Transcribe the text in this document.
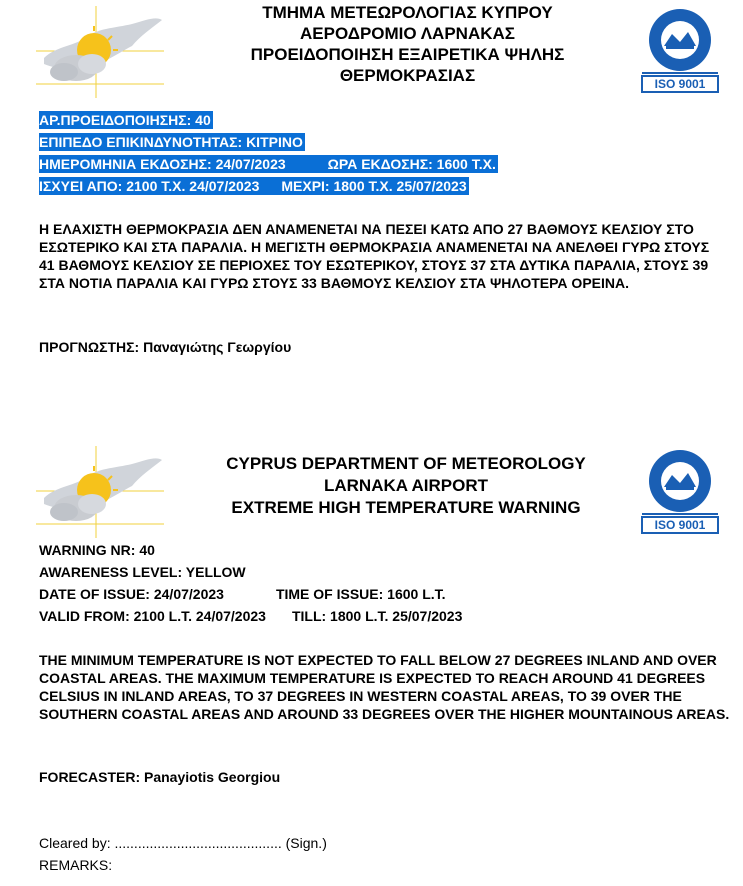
ΤΜΗΜΑ ΜΕΤΕΩΡΟΛΟΓΙΑΣ ΚΥΠΡΟΥ
ΑΕΡΟΔΡΟΜΙΟ ΛΑΡΝΑΚΑΣ
ΠΡΟΕΙΔΟΠΟΙΗΣΗ ΕΞΑΙΡΕΤΙΚΑ ΨΗΛΗΣ
ΘΕΡΜΟΚΡΑΣΙΑΣ	ISO 9001
ΑΡ.ΠΡΟΕΙΔΟΠΟΙΗΣΗΣ: 40
ΕΠΙΠΕΔΟ ΕΠΙΚΙΝΔΥΝΟΤΗΤΑΣ: ΚΙΤΡΙΝΟ
ΗΜΕΡΟΜΗΝΙΑ ΕΚΔΟΣΗΣ: 24/07/2023	ΩΡΑ ΕΚΔΟΣΗΣ: 1600 Τ.Χ.
ΙΣΧΥΕΙ ΑΠΟ: 2100 Τ.Χ. 24/07/2023 ΜΕΧΡΙ: 1800 Τ.Χ. 25/07/2023
Η ΕΛΑΧΙΣΤΗ ΘΕΡΜΟΚΡΑΣΙΑ ΔΕΝ ΑΝΑΜΕΝΕΤΑΙ ΝΑ ΠΕΣΕΙ ΚΑΤΩ ΑΠΟ 27 ΒΑΘΜΟΥΣ ΚΕΛΣΙΟΥ ΣΤΟ ΕΣΩΤΕΡΙΚΟ ΚΑΙ ΣΤΑ ΠΑΡΑΛΙΑ. Η ΜΕΓΙΣΤΗ ΘΕΡΜΟΚΡΑΣΙΑ ΑΝΑΜΕΝΕΤΑΙ ΝΑ ΑΝΕΛΘΕΙ ΓΥΡΩ ΣΤΟΥΣ 41 ΒΑΘΜΟΥΣ ΚΕΛΣΙΟΥ ΣΕ ΠΕΡΙΟΧΕΣ ΤΟΥ ΕΣΩΤΕΡΙΚΟΥ, ΣΤΟΥΣ 37 ΣΤΑ ΔΥΤΙΚΑ ΠΑΡΑΛΙΑ, ΣΤΟΥΣ 39 ΣΤΑ ΝΟΤΙΑ ΠΑΡΑΛΙΑ ΚΑΙ ΓΥΡΩ ΣΤΟΥΣ 33 ΒΑΘΜΟΥΣ ΚΕΛΣΙΟΥ ΣΤΑ ΨΗΛΟΤΕΡΑ ΟΡΕΙΝΑ.
ΠΡΟΓΝΩΣΤΗΣ: Παναγιώτης Γεωργίου
CYPRUS DEPARTMENT OF METEOROLOGY
LARNAKA AIRPORT
EXTREME HIGH TEMPERATURE WARNING
ISO 9001
WARNING NR: 40
AWARENESS LEVEL: YELLOW
DATE OF ISSUE: 24/07/2023	TIME OF ISSUE: 1600 L.T.
VALID FROM: 2100 L.T. 24/07/2023 TILL: 1800 L.T. 25/07/2023
THE MINIMUM TEMPERATURE IS NOT EXPECTED TO FALL BELOW 27 DEGREES INLAND AND OVER COASTAL AREAS. THE MAXIMUM TEMPERATURE IS EXPECTED TO REACH AROUND 41 DEGREES CELSIUS IN INLAND AREAS, TO 37 DEGREES IN WESTERN COASTAL AREAS, TO 39 OVER THE SOUTHERN COASTAL AREAS AND AROUND 33 DEGREES OVER THE HIGHER MOUNTAINOUS AREAS.
FORECASTER: Panayiotis Georgiou
Cleared by: ........................................... (Sign.)
REMARKS:
